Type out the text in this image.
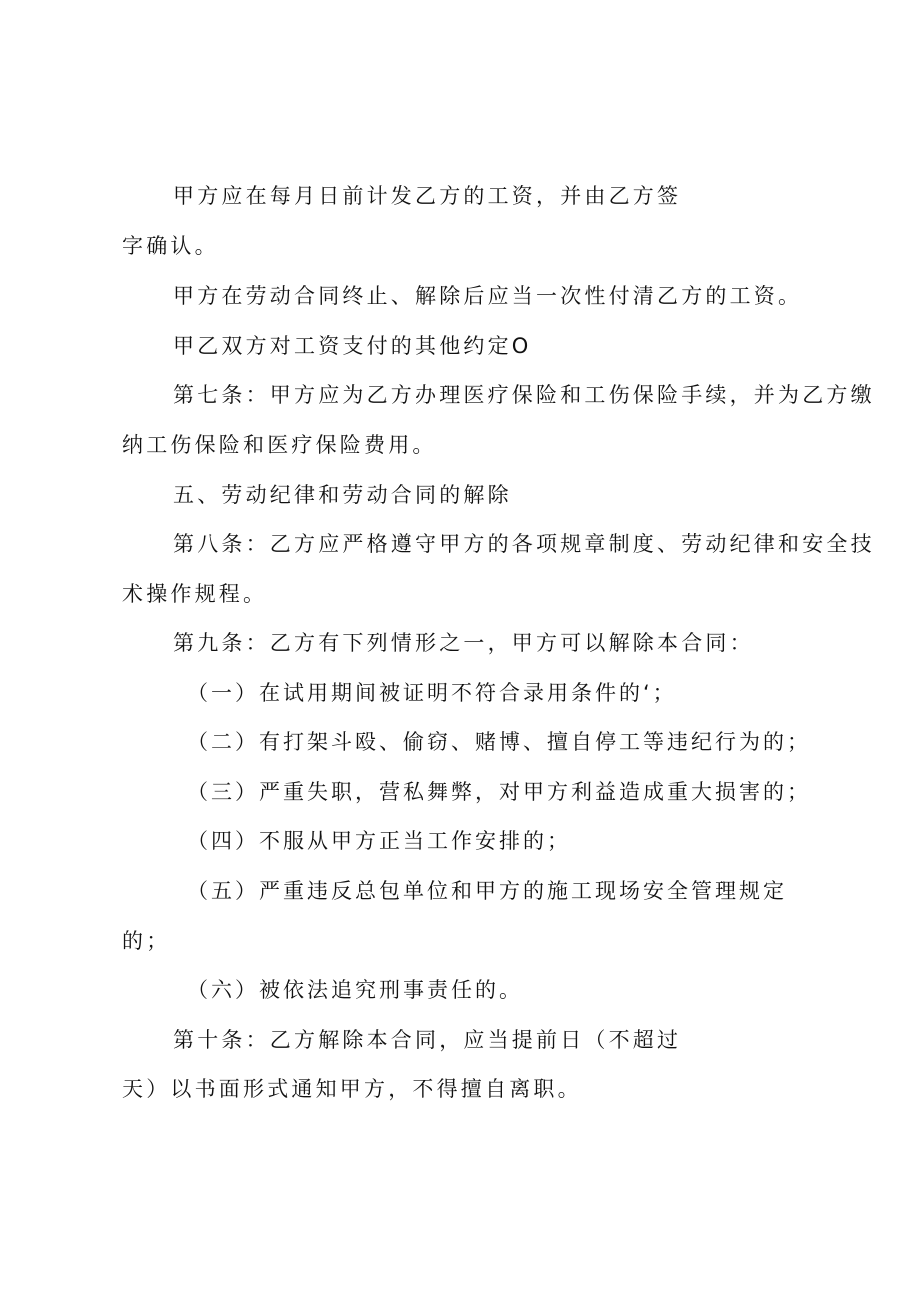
甲方应在每月日前计发乙方的工资，并由乙方签
字确认。
甲方在劳动合同终止、解除后应当一次性付清乙方的工资。
甲乙双方对工资支付的其他约定O
第七条：甲方应为乙方办理医疗保险和工伤保险手续，并为乙方缴
纳工伤保险和医疗保险费用。
五、劳动纪律和劳动合同的解除
第八条：乙方应严格遵守甲方的各项规章制度、劳动纪律和安全技
术操作规程。
第九条：乙方有下列情形之一，甲方可以解除本合同：
（一）在试用期间被证明不符合录用条件的‘；
（二）有打架斗殴、偷窃、赌博、擅自停工等违纪行为的；
（三）严重失职，营私舞弊，对甲方利益造成重大损害的；
（四）不服从甲方正当工作安排的；
（五）严重违反总包单位和甲方的施工现场安全管理规定
的；
（六）被依法追究刑事责任的。
第十条：乙方解除本合同，应当提前日（不超过
天）以书面形式通知甲方，不得擅自离职。
